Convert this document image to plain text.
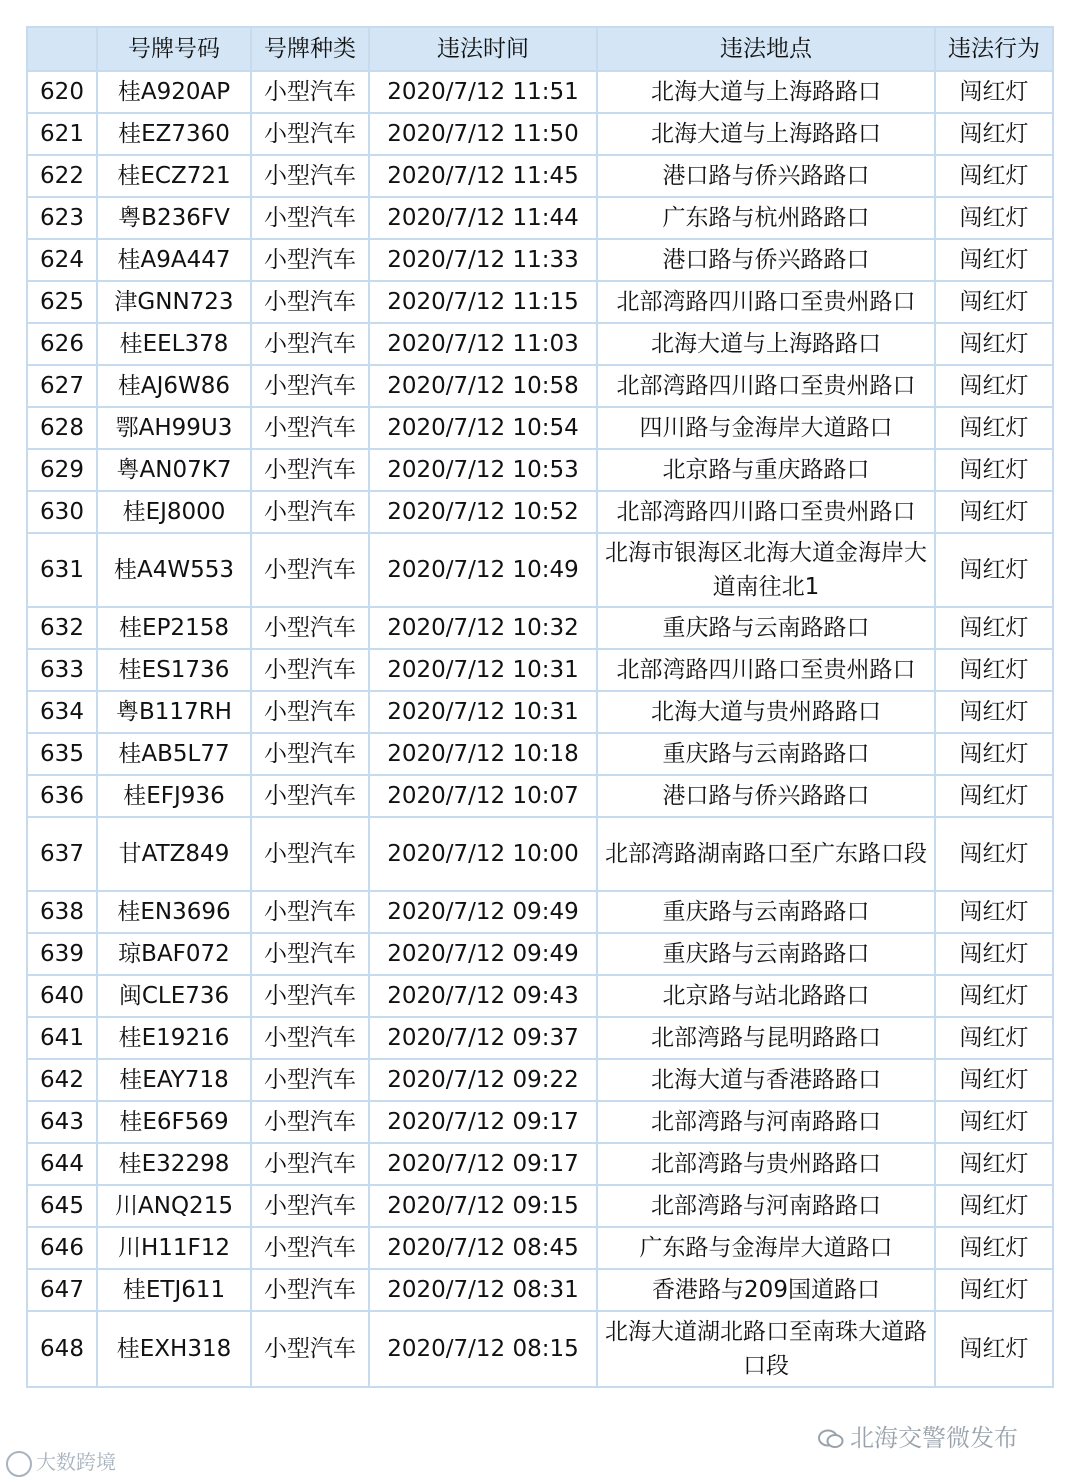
	号牌号码	号牌种类	违法时间	违法地点	违法行为
620	桂A920AP	小型汽车	2020/7/12 11:51	北海大道与上海路路口	闯红灯
621	桂EZ7360	小型汽车	2020/7/12 11:50	北海大道与上海路路口	闯红灯
622	桂ECZ721	小型汽车	2020/7/12 11:45	港口路与侨兴路路口	闯红灯
623	粤B236FV	小型汽车	2020/7/12 11:44	广东路与杭州路路口	闯红灯
624	桂A9A447	小型汽车	2020/7/12 11:33	港口路与侨兴路路口	闯红灯
625	津GNN723	小型汽车	2020/7/12 11:15	北部湾路四川路口至贵州路口	闯红灯
626	桂EEL378	小型汽车	2020/7/12 11:03	北海大道与上海路路口	闯红灯
627	桂AJ6W86	小型汽车	2020/7/12 10:58	北部湾路四川路口至贵州路口	闯红灯
628	鄂AH99U3	小型汽车	2020/7/12 10:54	四川路与金海岸大道路口	闯红灯
629	粤AN07K7	小型汽车	2020/7/12 10:53	北京路与重庆路路口	闯红灯
630	桂EJ8000	小型汽车	2020/7/12 10:52	北部湾路四川路口至贵州路口	闯红灯
631	桂A4W553	小型汽车	2020/7/12 10:49	北海市银海区北海大道金海岸大道南往北1	闯红灯
632	桂EP2158	小型汽车	2020/7/12 10:32	重庆路与云南路路口	闯红灯
633	桂ES1736	小型汽车	2020/7/12 10:31	北部湾路四川路口至贵州路口	闯红灯
634	粤B117RH	小型汽车	2020/7/12 10:31	北海大道与贵州路路口	闯红灯
635	桂AB5L77	小型汽车	2020/7/12 10:18	重庆路与云南路路口	闯红灯
636	桂EFJ936	小型汽车	2020/7/12 10:07	港口路与侨兴路路口	闯红灯
637	甘ATZ849	小型汽车	2020/7/12 10:00	北部湾路湖南路口至广东路口段	闯红灯
638	桂EN3696	小型汽车	2020/7/12 09:49	重庆路与云南路路口	闯红灯
639	琼BAF072	小型汽车	2020/7/12 09:49	重庆路与云南路路口	闯红灯
640	闽CLE736	小型汽车	2020/7/12 09:43	北京路与站北路路口	闯红灯
641	桂E19216	小型汽车	2020/7/12 09:37	北部湾路与昆明路路口	闯红灯
642	桂EAY718	小型汽车	2020/7/12 09:22	北海大道与香港路路口	闯红灯
643	桂E6F569	小型汽车	2020/7/12 09:17	北部湾路与河南路路口	闯红灯
644	桂E32298	小型汽车	2020/7/12 09:17	北部湾路与贵州路路口	闯红灯
645	川ANQ215	小型汽车	2020/7/12 09:15	北部湾路与河南路路口	闯红灯
646	川H11F12	小型汽车	2020/7/12 08:45	广东路与金海岸大道路口	闯红灯
647	桂ETJ611	小型汽车	2020/7/12 08:31	香港路与209国道路口	闯红灯
648	桂EXH318	小型汽车	2020/7/12 08:15	北海大道湖北路口至南珠大道路口段	闯红灯
大数跨境
北海交警微发布
